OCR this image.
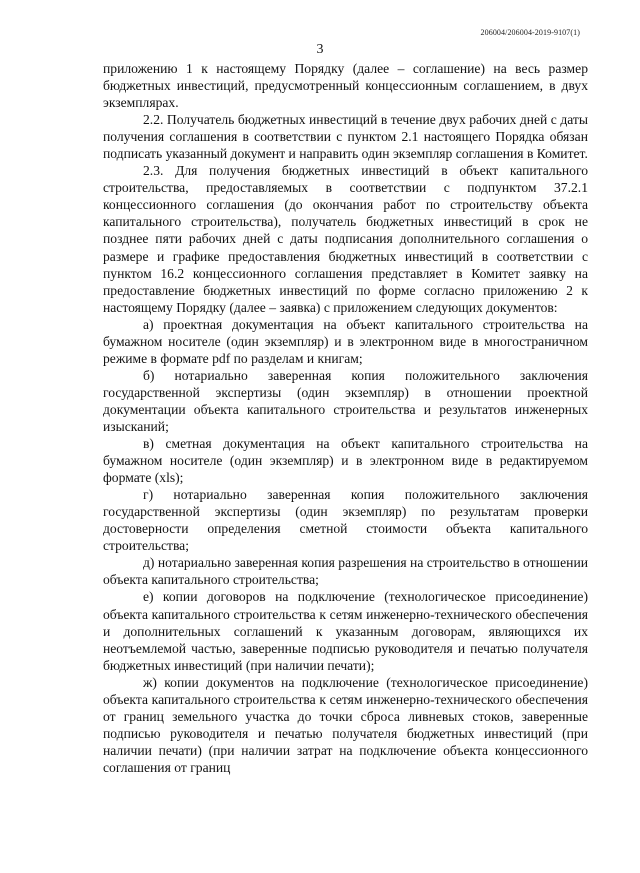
206004/206004-2019-9107(1)
3

приложению 1 к настоящему Порядку (далее – соглашение) на весь размер бюджетных инвестиций, предусмотренный концессионным соглашением, в двух экземплярах.

2.2. Получатель бюджетных инвестиций в течение двух рабочих дней с даты получения соглашения в соответствии с пунктом 2.1 настоящего Порядка обязан подписать указанный документ и направить один экземпляр соглашения в Комитет.

2.3. Для получения бюджетных инвестиций в объект капитального строительства, предоставляемых в соответствии с подпунктом 37.2.1 концессионного соглашения (до окончания работ по строительству объекта капитального строительства), получатель бюджетных инвестиций в срок не позднее пяти рабочих дней с даты подписания дополнительного соглашения о размере и графике предоставления бюджетных инвестиций в соответствии с пунктом 16.2 концессионного соглашения представляет в Комитет заявку на предоставление бюджетных инвестиций по форме согласно приложению 2 к настоящему Порядку (далее – заявка) с приложением следующих документов:

а) проектная документация на объект капитального строительства на бумажном носителе (один экземпляр) и в электронном виде в многостраничном режиме в формате pdf по разделам и книгам;

б) нотариально заверенная копия положительного заключения государственной экспертизы (один экземпляр) в отношении проектной документации объекта капитального строительства и результатов инженерных изысканий;

в) сметная документация на объект капитального строительства на бумажном носителе (один экземпляр) и в электронном виде в редактируемом формате (xls);

г) нотариально заверенная копия положительного заключения государственной экспертизы (один экземпляр) по результатам проверки достоверности определения сметной стоимости объекта капитального строительства;

д) нотариально заверенная копия разрешения на строительство в отношении объекта капитального строительства;

е) копии договоров на подключение (технологическое присоединение) объекта капитального строительства к сетям инженерно-технического обеспечения и дополнительных соглашений к указанным договорам, являющихся их неотъемлемой частью, заверенные подписью руководителя и печатью получателя бюджетных инвестиций (при наличии печати);

ж) копии документов на подключение (технологическое присоединение) объекта капитального строительства к сетям инженерно-технического обеспечения от границ земельного участка до точки сброса ливневых стоков, заверенные подписью руководителя и печатью получателя бюджетных инвестиций (при наличии печати) (при наличии затрат на подключение объекта концессионного соглашения от границ
